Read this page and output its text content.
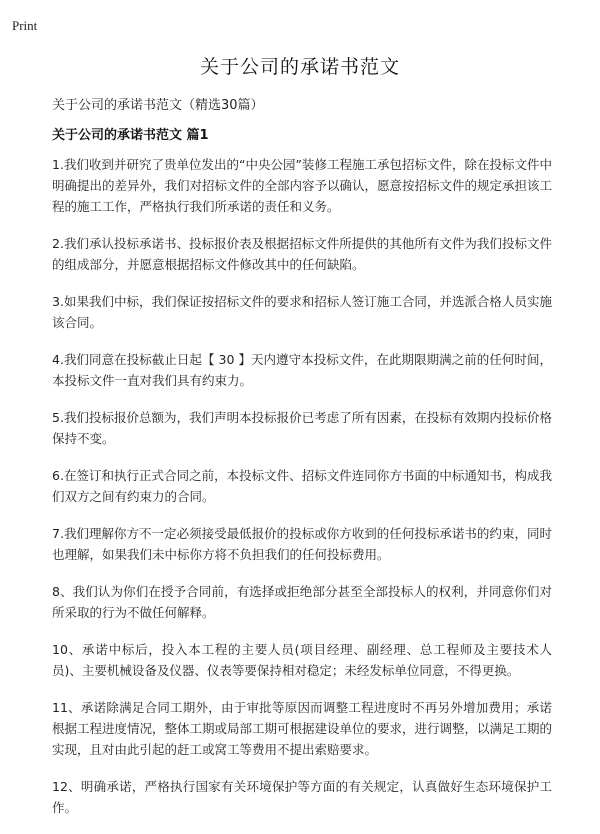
Print
关于公司的承诺书范文
关于公司的承诺书范文（精选30篇）
关于公司的承诺书范文 篇1

1.我们收到并研究了贵单位发出的“中央公园”装修工程施工承包招标文件，除在投标文件中明确提出的差异外，我们对招标文件的全部内容予以确认，愿意按招标文件的规定承担该工程的施工工作，严格执行我们所承诺的责任和义务。

2.我们承认投标承诺书、投标报价表及根据招标文件所提供的其他所有文件为我们投标文件的组成部分，并愿意根据招标文件修改其中的任何缺陷。

3.如果我们中标，我们保证按招标文件的要求和招标人签订施工合同，并选派合格人员实施该合同。

4.我们同意在投标截止日起【 30 】天内遵守本投标文件，在此期限期满之前的任何时间，本投标文件一直对我们具有约束力。

5.我们投标报价总额为，我们声明本投标报价已考虑了所有因素，在投标有效期内投标价格保持不变。

6.在签订和执行正式合同之前，本投标文件、招标文件连同你方书面的中标通知书，构成我们双方之间有约束力的合同。

7.我们理解你方不一定必须接受最低报价的投标或你方收到的任何投标承诺书的约束，同时也理解，如果我们未中标你方将不负担我们的任何投标费用。

8、我们认为你们在授予合同前，有选择或拒绝部分甚至全部投标人的权利，并同意你们对所采取的行为不做任何解释。

10、承诺中标后，投入本工程的主要人员(项目经理、副经理、总工程师及主要技术人员)、主要机械设备及仪器、仪表等要保持相对稳定；未经发标单位同意，不得更换。

11、承诺除满足合同工期外，由于审批等原因而调整工程进度时不再另外增加费用；承诺根据工程进度情况，整体工期或局部工期可根据建设单位的要求，进行调整，以满足工期的实现，且对由此引起的赶工或窝工等费用不提出索赔要求。

12、明确承诺，严格执行国家有关环境保护等方面的有关规定，认真做好生态环境保护工作。
